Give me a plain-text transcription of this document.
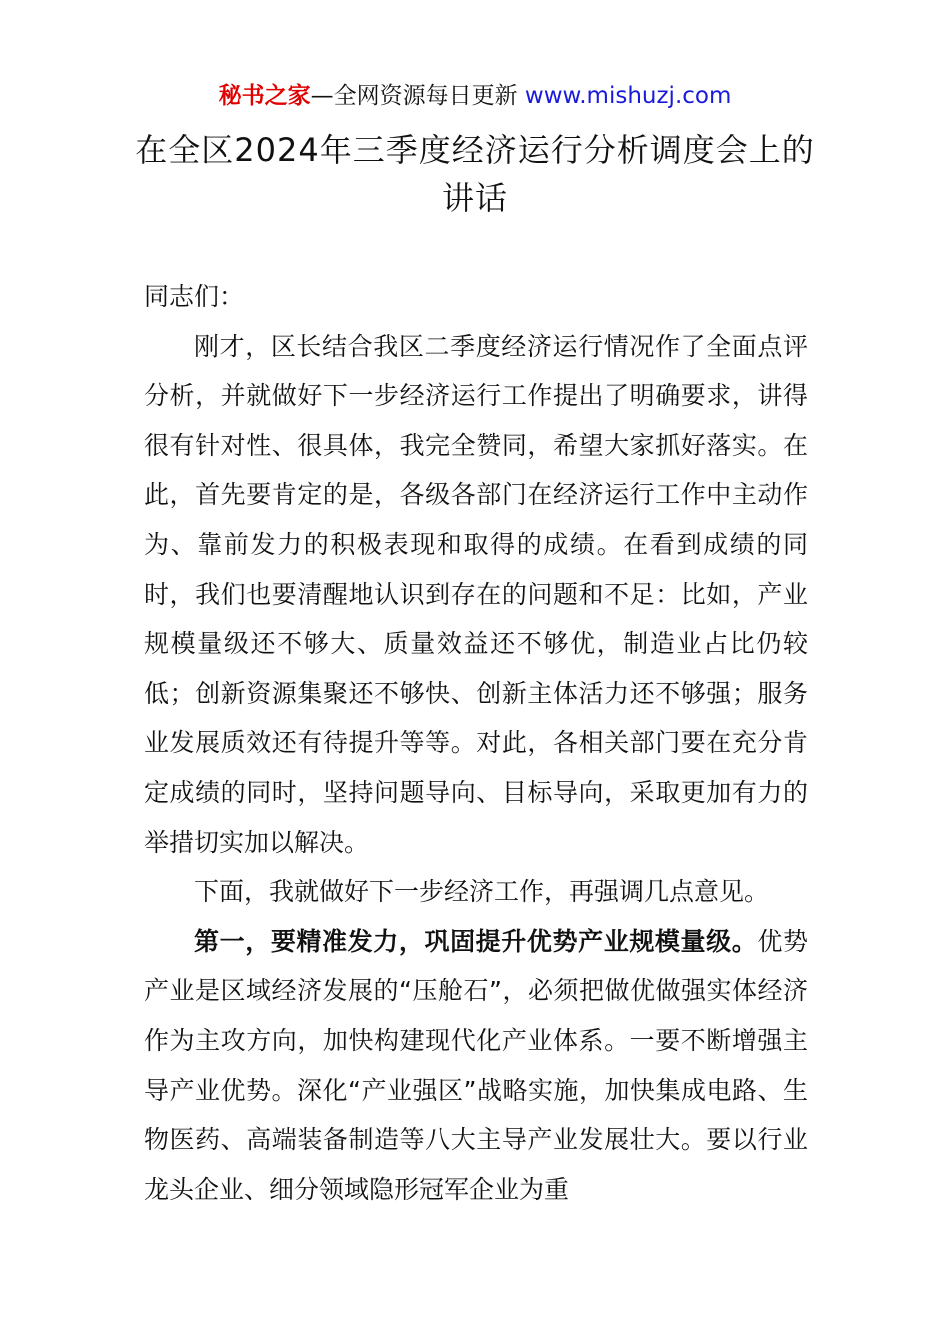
秘书之家—全网资源每日更新 www.mishuzj.com
在全区2024年三季度经济运行分析调度会上的讲话

同志们：

刚才，区长结合我区二季度经济运行情况作了全面点评分析，并就做好下一步经济运行工作提出了明确要求，讲得很有针对性、很具体，我完全赞同，希望大家抓好落实。在此，首先要肯定的是，各级各部门在经济运行工作中主动作为、靠前发力的积极表现和取得的成绩。在看到成绩的同时，我们也要清醒地认识到存在的问题和不足：比如，产业规模量级还不够大、质量效益还不够优，制造业占比仍较低；创新资源集聚还不够快、创新主体活力还不够强；服务业发展质效还有待提升等等。对此，各相关部门要在充分肯定成绩的同时，坚持问题导向、目标导向，采取更加有力的举措切实加以解决。

下面，我就做好下一步经济工作，再强调几点意见。

第一，要精准发力，巩固提升优势产业规模量级。优势产业是区域经济发展的“压舱石”，必须把做优做强实体经济作为主攻方向，加快构建现代化产业体系。一要不断增强主导产业优势。深化“产业强区”战略实施，加快集成电路、生物医药、高端装备制造等八大主导产业发展壮大。要以行业龙头企业、细分领域隐形冠军企业为重
